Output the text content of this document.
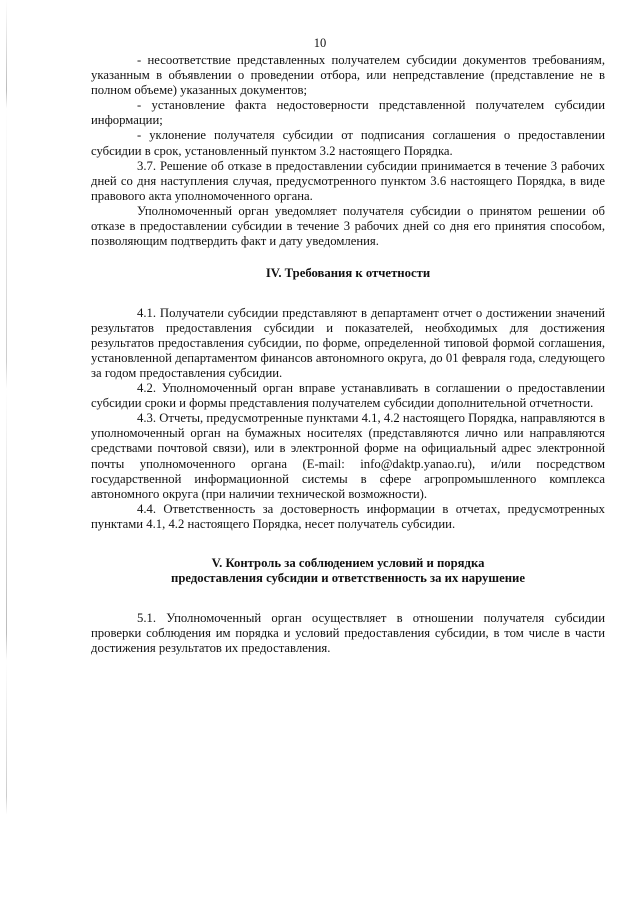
10

- несоответствие представленных получателем субсидии документов требованиям, указанным в объявлении о проведении отбора, или непредставление (представление не в полном объеме) указанных документов;

- установление факта недостоверности представленной получателем субсидии информации;

- уклонение получателя субсидии от подписания соглашения о предоставлении субсидии в срок, установленный пунктом 3.2 настоящего Порядка.

3.7. Решение об отказе в предоставлении субсидии принимается в течение 3 рабочих дней со дня наступления случая, предусмотренного пунктом 3.6 настоящего Порядка, в виде правового акта уполномоченного органа.

Уполномоченный орган уведомляет получателя субсидии о принятом решении об отказе в предоставлении субсидии в течение 3 рабочих дней со дня его принятия способом, позволяющим подтвердить факт и дату уведомления.

IV. Требования к отчетности

4.1. Получатели субсидии представляют в департамент отчет о достижении значений результатов предоставления субсидии и показателей, необходимых для достижения результатов предоставления субсидии, по форме, определенной типовой формой соглашения, установленной департаментом финансов автономного округа, до 01 февраля года, следующего за годом предоставления субсидии.

4.2. Уполномоченный орган вправе устанавливать в соглашении о предоставлении субсидии сроки и формы представления получателем субсидии дополнительной отчетности.

4.3. Отчеты, предусмотренные пунктами 4.1, 4.2 настоящего Порядка, направляются в уполномоченный орган на бумажных носителях (представляются лично или направляются средствами почтовой связи), или в электронной форме на официальный адрес электронной почты уполномоченного органа (E-mail: info@daktp.yanao.ru), и/или посредством государственной информационной системы в сфере агропромышленного комплекса автономного округа (при наличии технической возможности).

4.4. Ответственность за достоверность информации в отчетах, предусмотренных пунктами 4.1, 4.2 настоящего Порядка, несет получатель субсидии.

V. Контроль за соблюдением условий и порядка

предоставления субсидии и ответственность за их нарушение

5.1. Уполномоченный орган осуществляет в отношении получателя субсидии проверки соблюдения им порядка и условий предоставления субсидии, в том числе в части достижения результатов их предоставления.
